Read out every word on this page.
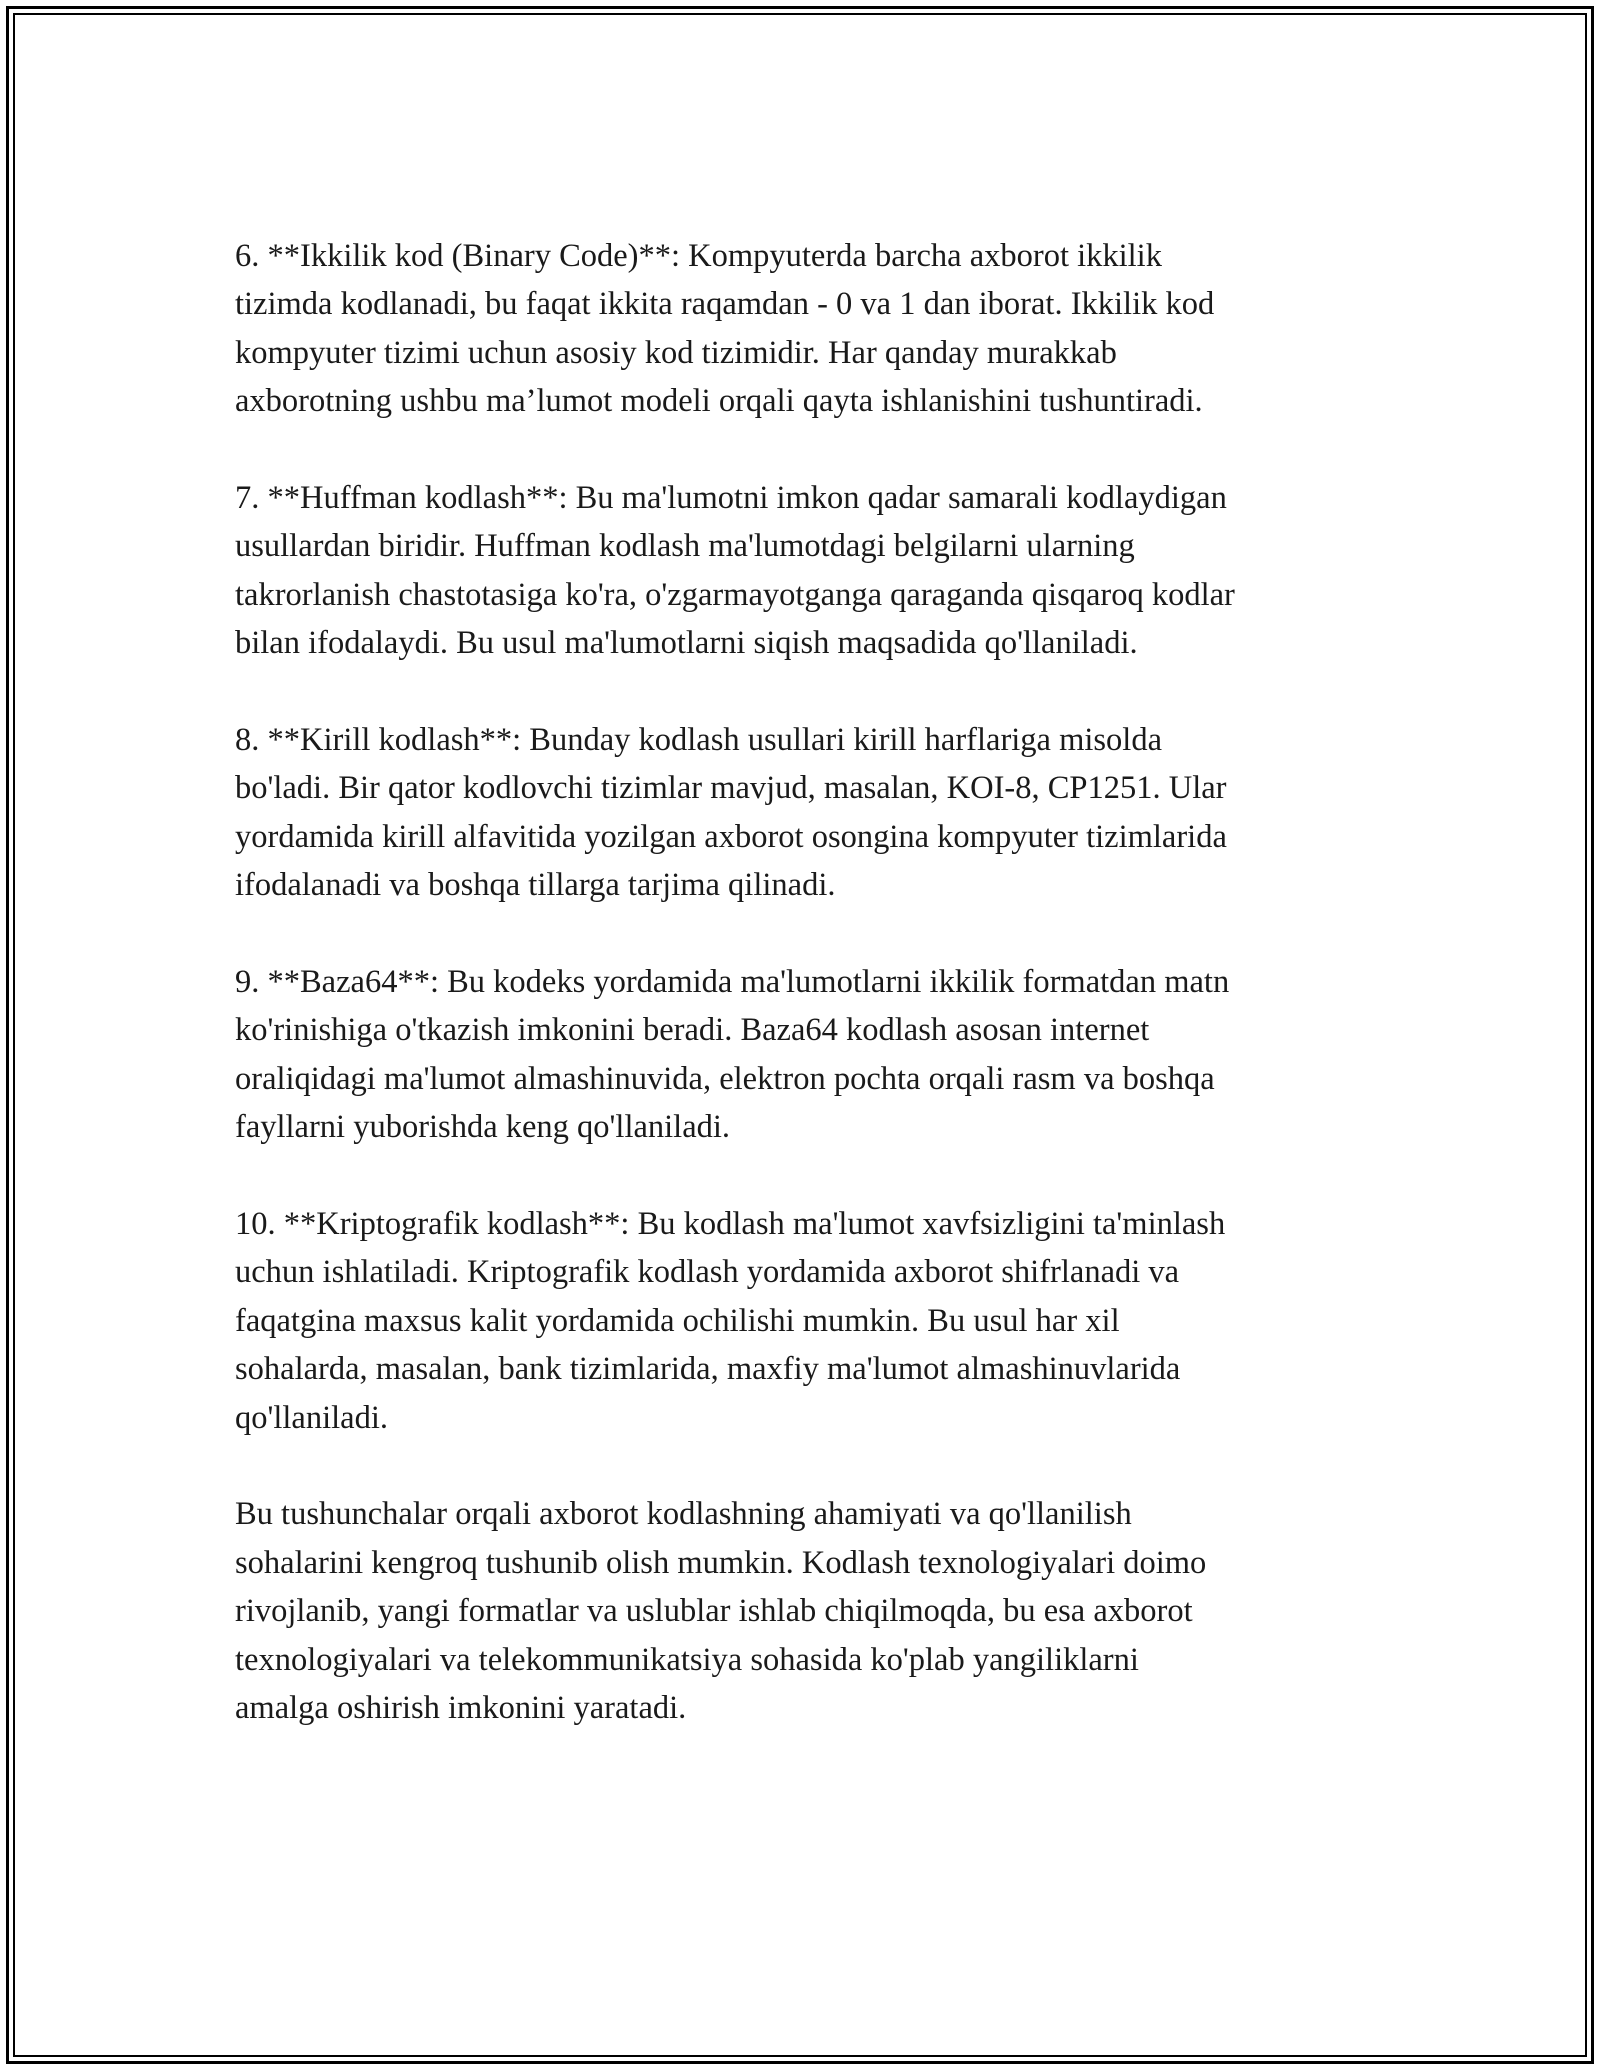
6. **Ikkilik kod (Binary Code)**: Kompyuterda barcha axborot ikkilik
tizimda kodlanadi, bu faqat ikkita raqamdan - 0 va 1 dan iborat. Ikkilik kod
kompyuter tizimi uchun asosiy kod tizimidir. Har qanday murakkab
axborotning ushbu ma’lumot modeli orqali qayta ishlanishini tushuntiradi.

7. **Huffman kodlash**: Bu ma'lumotni imkon qadar samarali kodlaydigan
usullardan biridir. Huffman kodlash ma'lumotdagi belgilarni ularning
takrorlanish chastotasiga ko'ra, o'zgarmayotganga qaraganda qisqaroq kodlar
bilan ifodalaydi. Bu usul ma'lumotlarni siqish maqsadida qo'llaniladi.

8. **Kirill kodlash**: Bunday kodlash usullari kirill harflariga misolda
bo'ladi. Bir qator kodlovchi tizimlar mavjud, masalan, KOI-8, CP1251. Ular
yordamida kirill alfavitida yozilgan axborot osongina kompyuter tizimlarida
ifodalanadi va boshqa tillarga tarjima qilinadi.

9. **Baza64**: Bu kodeks yordamida ma'lumotlarni ikkilik formatdan matn
ko'rinishiga o'tkazish imkonini beradi. Baza64 kodlash asosan internet
oraliqidagi ma'lumot almashinuvida, elektron pochta orqali rasm va boshqa
fayllarni yuborishda keng qo'llaniladi.

10. **Kriptografik kodlash**: Bu kodlash ma'lumot xavfsizligini ta'minlash
uchun ishlatiladi. Kriptografik kodlash yordamida axborot shifrlanadi va
faqatgina maxsus kalit yordamida ochilishi mumkin. Bu usul har xil
sohalarda, masalan, bank tizimlarida, maxfiy ma'lumot almashinuvlarida
qo'llaniladi.

Bu tushunchalar orqali axborot kodlashning ahamiyati va qo'llanilish
sohalarini kengroq tushunib olish mumkin. Kodlash texnologiyalari doimo
rivojlanib, yangi formatlar va uslublar ishlab chiqilmoqda, bu esa axborot
texnologiyalari va telekommunikatsiya sohasida ko'plab yangiliklarni
amalga oshirish imkonini yaratadi.
